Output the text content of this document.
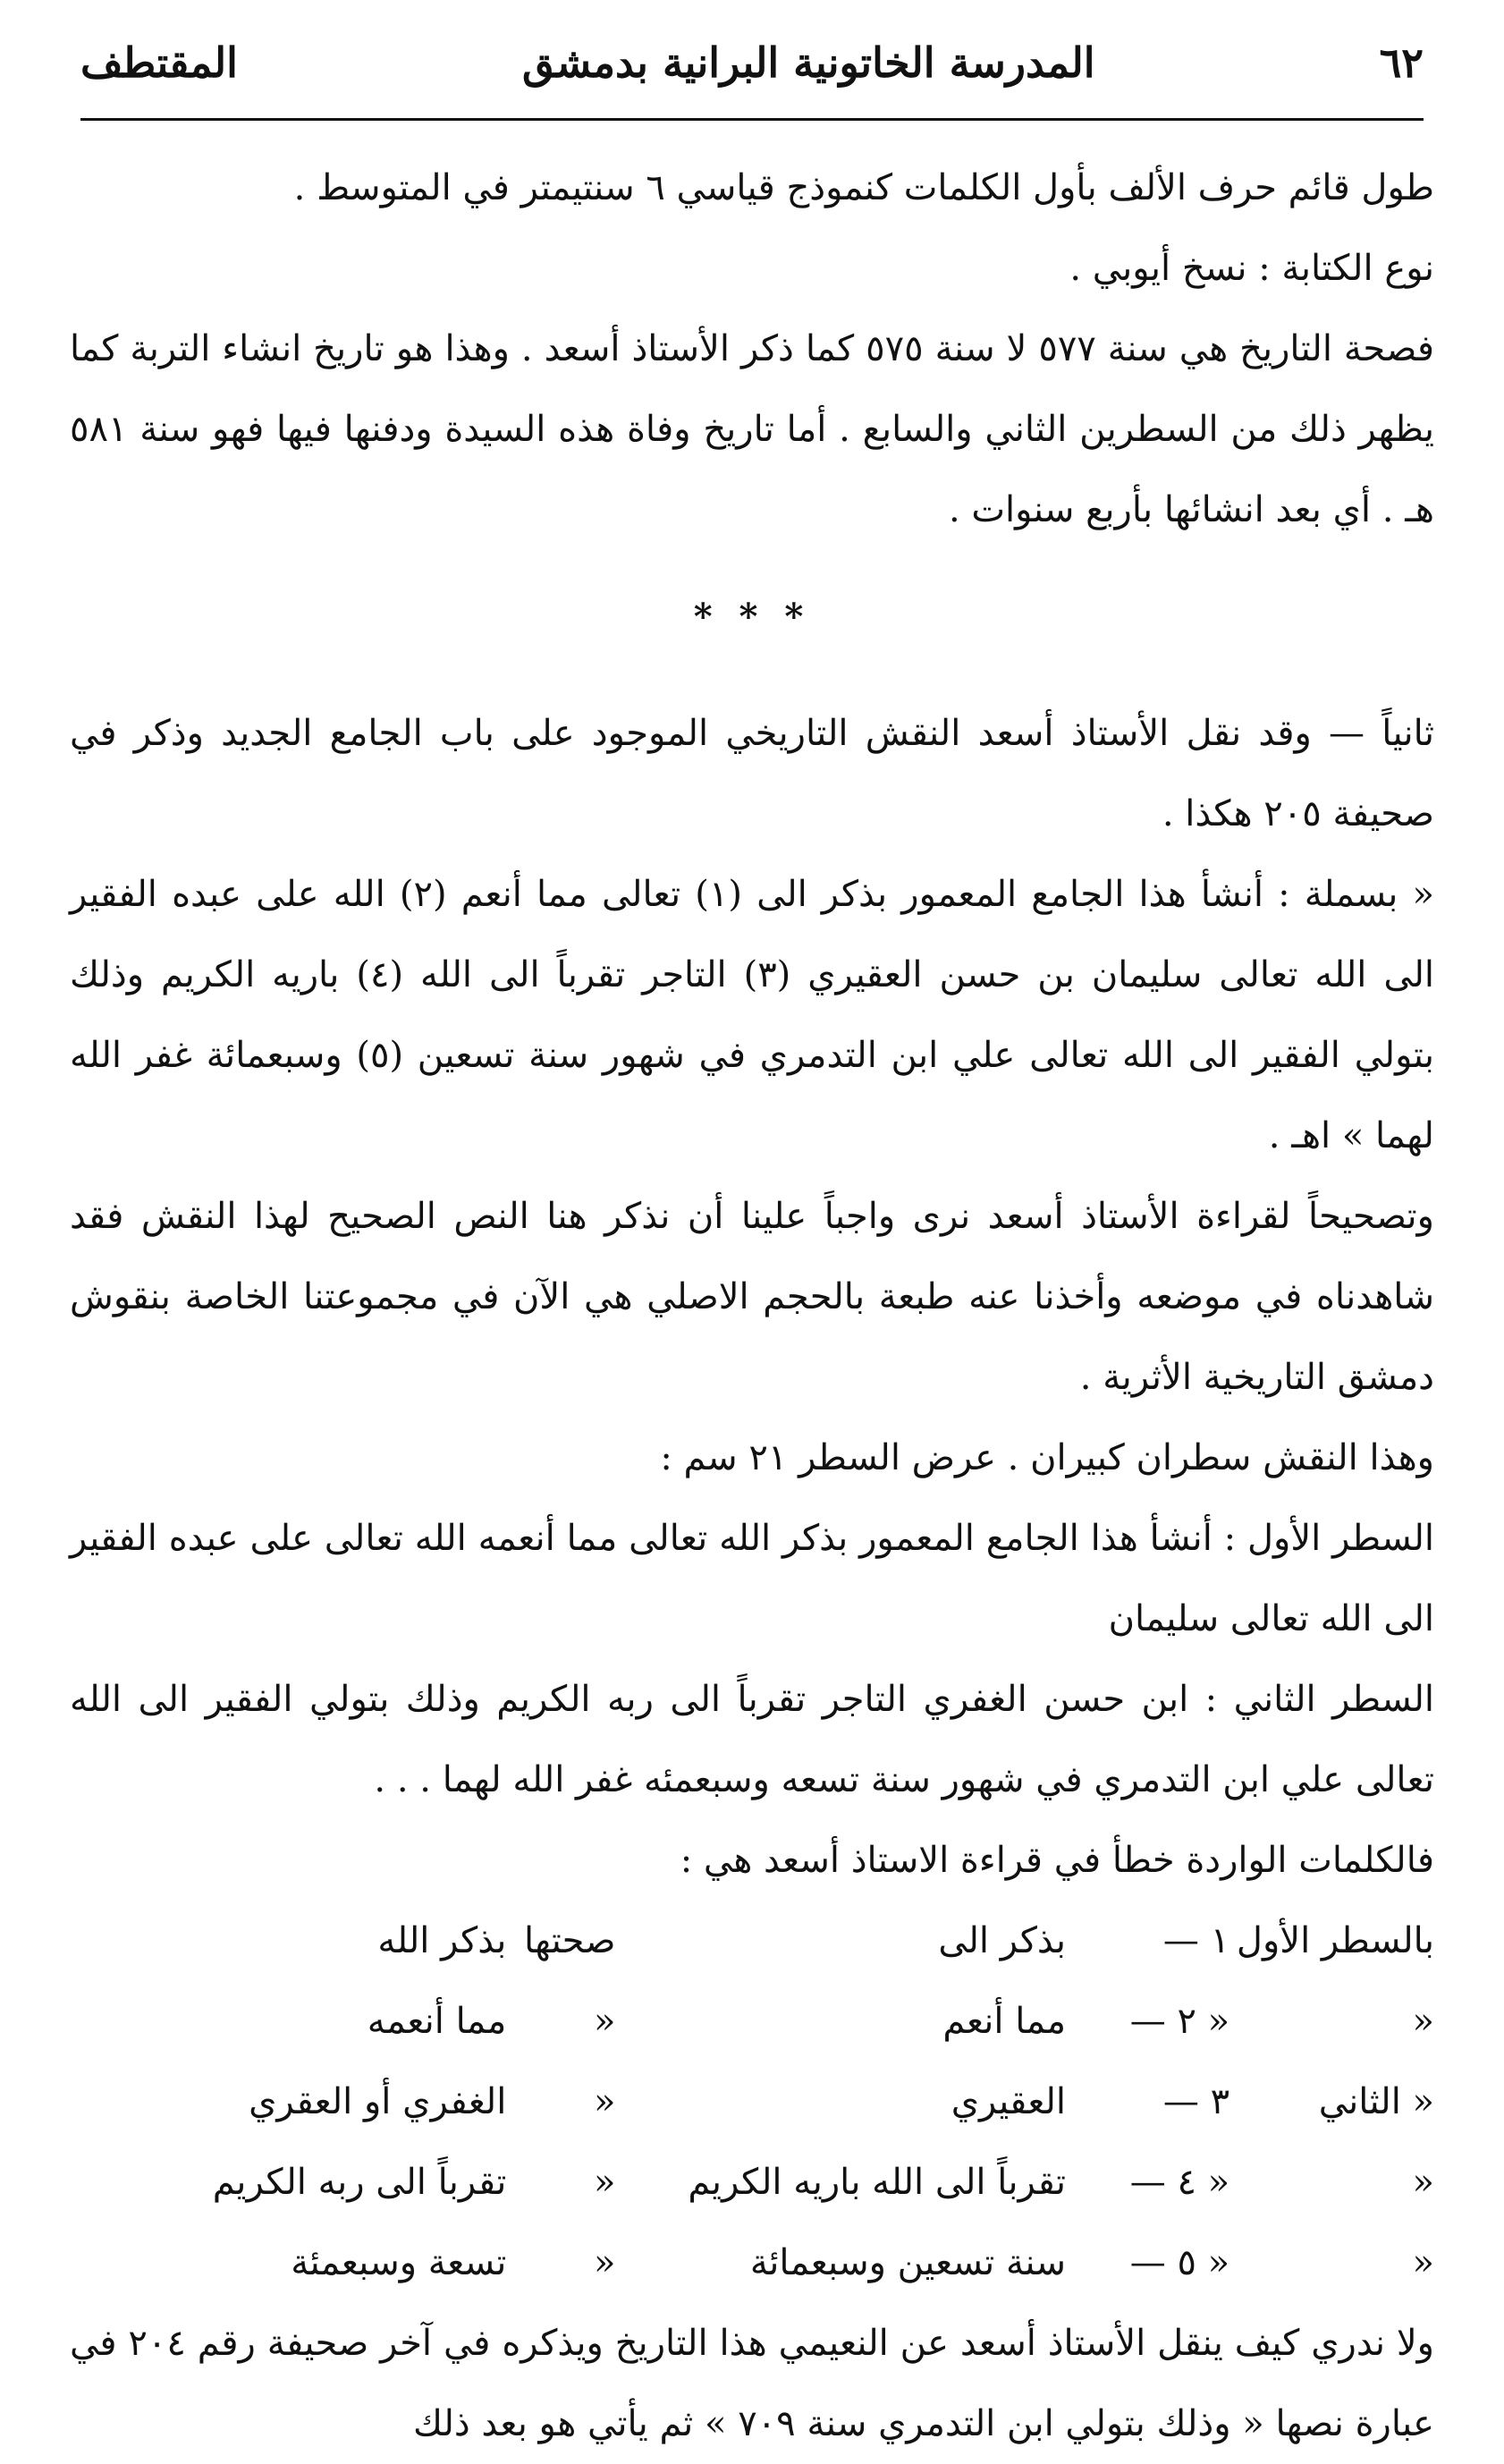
٦٢
المدرسة الخاتونية البرانية بدمشق
المقتطف

طول قائم حرف الألف بأول الكلمات كنموذج قياسي ٦ سنتيمتر في المتوسط .

نوع الكتابة : نسخ أيوبي .

فصحة التاريخ هي سنة ٥٧٧ لا سنة ٥٧٥ كما ذكر الأستاذ أسعد . وهذا هو تاريخ انشاء التربة كما يظهر ذلك من السطرين الثاني والسابع . أما تاريخ وفاة هذه السيدة ودفنها فيها فهو سنة ٥٨١ هـ . أي بعد انشائها بأربع سنوات .

* * *

ثانياً — وقد نقل الأستاذ أسعد النقش التاريخي الموجود على باب الجامع الجديد وذكر في صحيفة ٢٠٥ هكذا .

« بسملة : أنشأ هذا الجامع المعمور بذكر الى (١) تعالى مما أنعم (٢) الله على عبده الفقير الى الله تعالى سليمان بن حسن العقيري (٣) التاجر تقرباً الى الله (٤) باريه الكريم وذلك بتولي الفقير الى الله تعالى علي ابن التدمري في شهور سنة تسعين (٥) وسبعمائة غفر الله لهما » اهـ .

وتصحيحاً لقراءة الأستاذ أسعد نرى واجباً علينا أن نذكر هنا النص الصحيح لهذا النقش فقد شاهدناه في موضعه وأخذنا عنه طبعة بالحجم الاصلي هي الآن في مجموعتنا الخاصة بنقوش دمشق التاريخية الأثرية .

وهذا النقش سطران كبيران . عرض السطر ٢١ سم :

السطر الأول : أنشأ هذا الجامع المعمور بذكر الله تعالى مما أنعمه الله تعالى على عبده الفقير الى الله تعالى سليمان

السطر الثاني : ابن حسن الغفري التاجر تقرباً الى ربه الكريم وذلك بتولي الفقير الى الله تعالى علي ابن التدمري في شهور سنة تسعه وسبعمئه غفر الله لهما . . .

فالكلمات الواردة خطأ في قراءة الاستاذ أسعد هي :

بالسطر الأول	١ —	بذكر الى	صحتها	بذكر الله
«	« ٢ —	مما أنعم	«	مما أنعمه
« الثاني	٣ —	العقيري	«	الغفري أو العقري
«	« ٤ —	تقرباً الى الله باريه الكريم	«	تقرباً الى ربه الكريم
«	« ٥ —	سنة تسعين وسبعمائة	«	تسعة وسبعمئة

ولا ندري كيف ينقل الأستاذ أسعد عن النعيمي هذا التاريخ ويذكره في آخر صحيفة رقم ٢٠٤ في عبارة نصها « وذلك بتولي ابن التدمري سنة ٧٠٩ » ثم يأتي هو بعد ذلك
